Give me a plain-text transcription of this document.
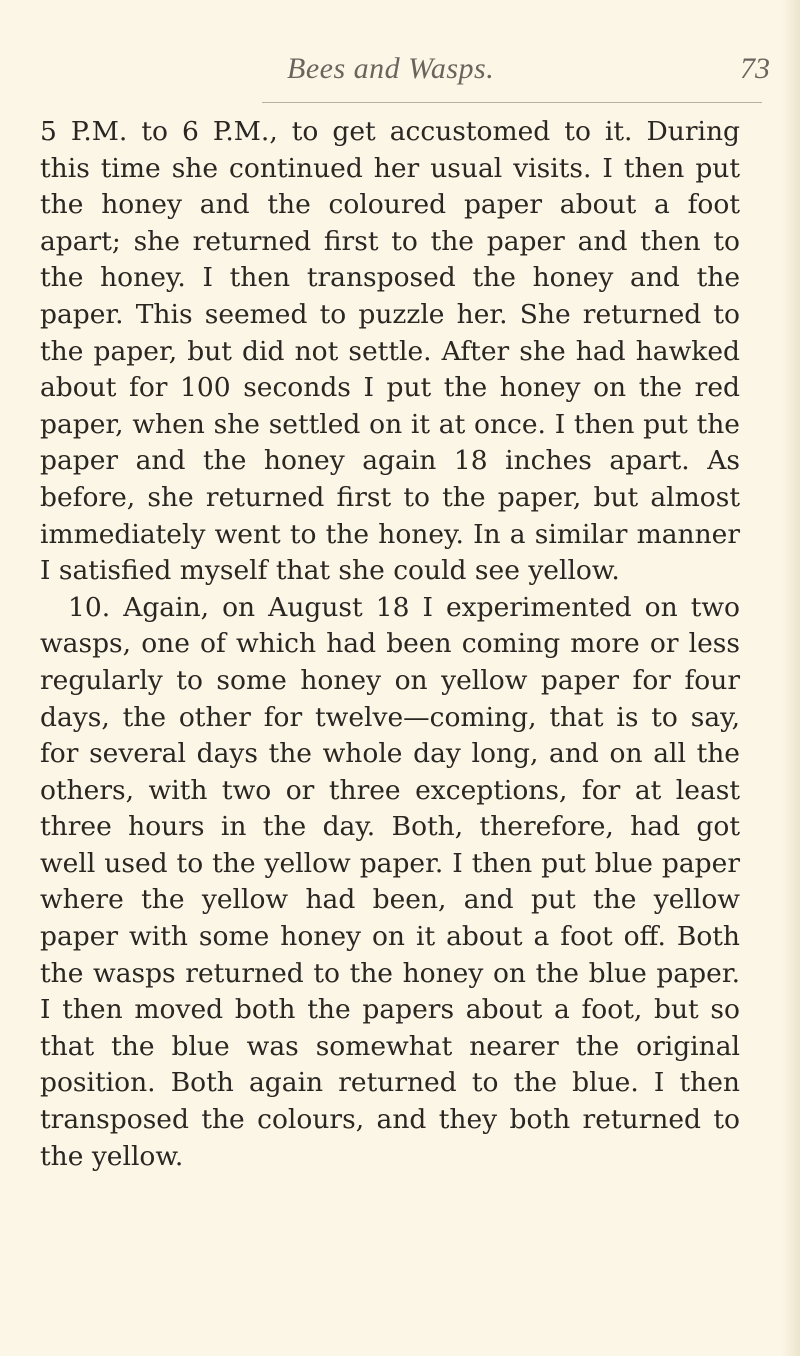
Bees and Wasps.	73

5 P.M. to 6 P.M., to get accustomed to it. During this time she continued her usual visits. I then put the honey and the coloured paper about a foot apart; she returned first to the paper and then to the honey. I then transposed the honey and the paper. This seemed to puzzle her. She returned to the paper, but did not settle. After she had hawked about for 100 seconds I put the honey on the red paper, when she settled on it at once. I then put the paper and the honey again 18 inches apart. As before, she returned first to the paper, but almost immediately went to the honey. In a similar manner I satisfied myself that she could see yellow.

10. Again, on August 18 I experimented on two wasps, one of which had been coming more or less regularly to some honey on yellow paper for four days, the other for twelve—coming, that is to say, for several days the whole day long, and on all the others, with two or three exceptions, for at least three hours in the day. Both, therefore, had got well used to the yellow paper. I then put blue paper where the yellow had been, and put the yellow paper with some honey on it about a foot off. Both the wasps returned to the honey on the blue paper. I then moved both the papers about a foot, but so that the blue was somewhat nearer the original position. Both again returned to the blue. I then transposed the colours, and they both returned to the yellow.
